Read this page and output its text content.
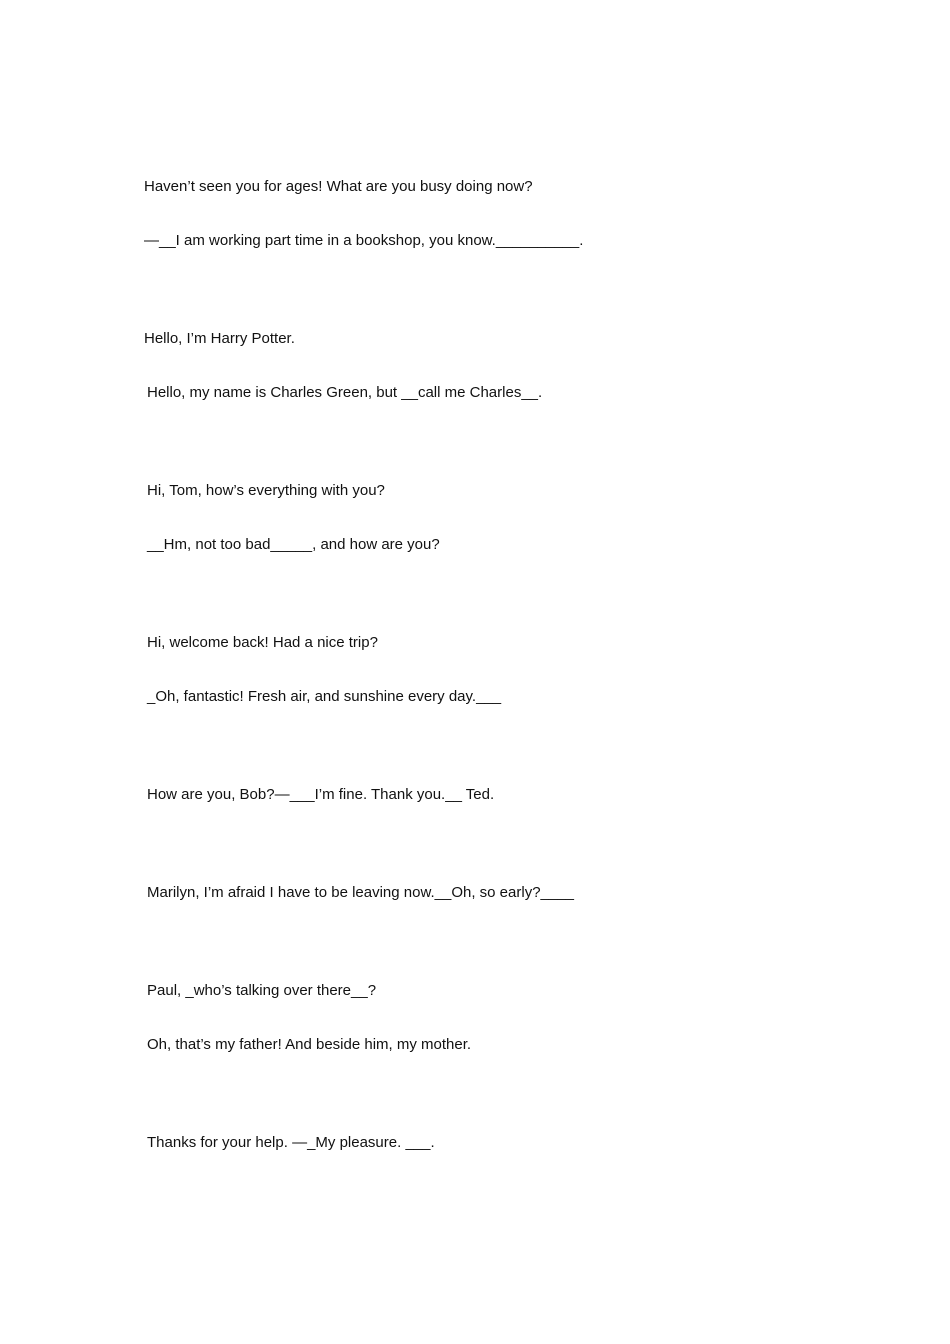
Haven’t seen you for ages! What are you busy doing now?
—__I am working part time in a bookshop, you know.__________.
Hello, I’m Harry Potter.
Hello, my name is Charles Green, but __call me Charles__.
Hi, Tom, how’s everything with you?
__Hm, not too bad_____, and how are you?
Hi, welcome back! Had a nice trip?
_Oh, fantastic! Fresh air, and sunshine every day.___
How are you, Bob?—___I’m fine. Thank you.__ Ted.
Marilyn, I’m afraid I have to be leaving now.__Oh, so early?____
Paul, _who’s talking over there__?
Oh, that’s my father! And beside him, my mother.
Thanks for your help. —_My pleasure. ___.
